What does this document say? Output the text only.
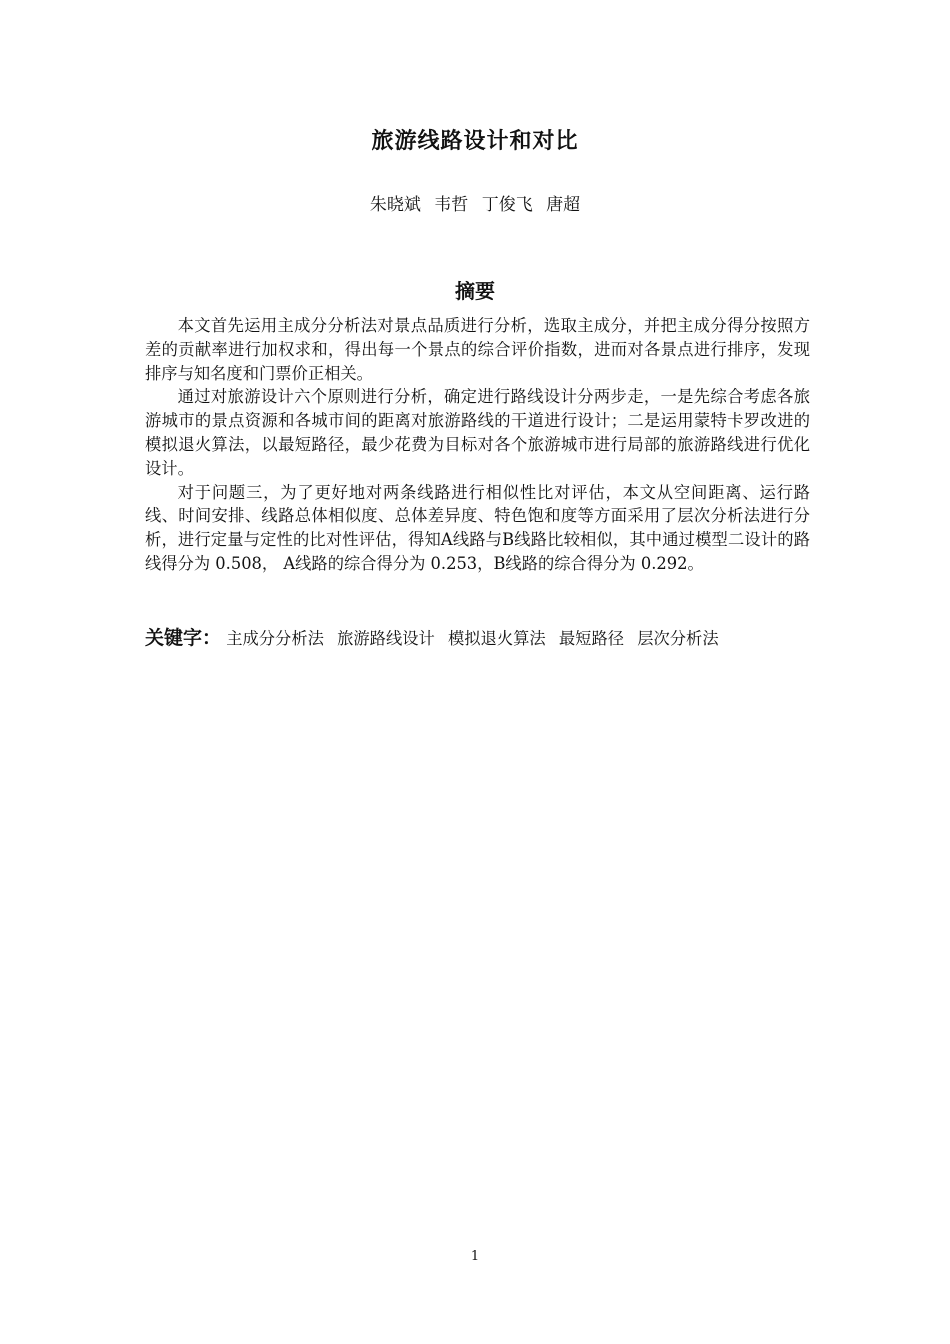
旅游线路设计和对比
朱晓斌 韦哲 丁俊飞 唐超
摘要

本文首先运用主成分分析法对景点品质进行分析，选取主成分，并把主成分得分按照方差的贡献率进行加权求和，得出每一个景点的综合评价指数，进而对各景点进行排序，发现排序与知名度和门票价正相关。

通过对旅游设计六个原则进行分析，确定进行路线设计分两步走，一是先综合考虑各旅游城市的景点资源和各城市间的距离对旅游路线的干道进行设计；二是运用蒙特卡罗改进的模拟退火算法，以最短路径，最少花费为目标对各个旅游城市进行局部的旅游路线进行优化设计。

对于问题三，为了更好地对两条线路进行相似性比对评估，本文从空间距离、运行路线、时间安排、线路总体相似度、总体差异度、特色饱和度等方面采用了层次分析法进行分析，进行定量与定性的比对性评估，得知A线路与B线路比较相似，其中通过模型二设计的路线得分为 0.508， A线路的综合得分为 0.253，B线路的综合得分为 0.292。

关键字： 主成分分析法 旅游路线设计 模拟退火算法 最短路径 层次分析法
1
